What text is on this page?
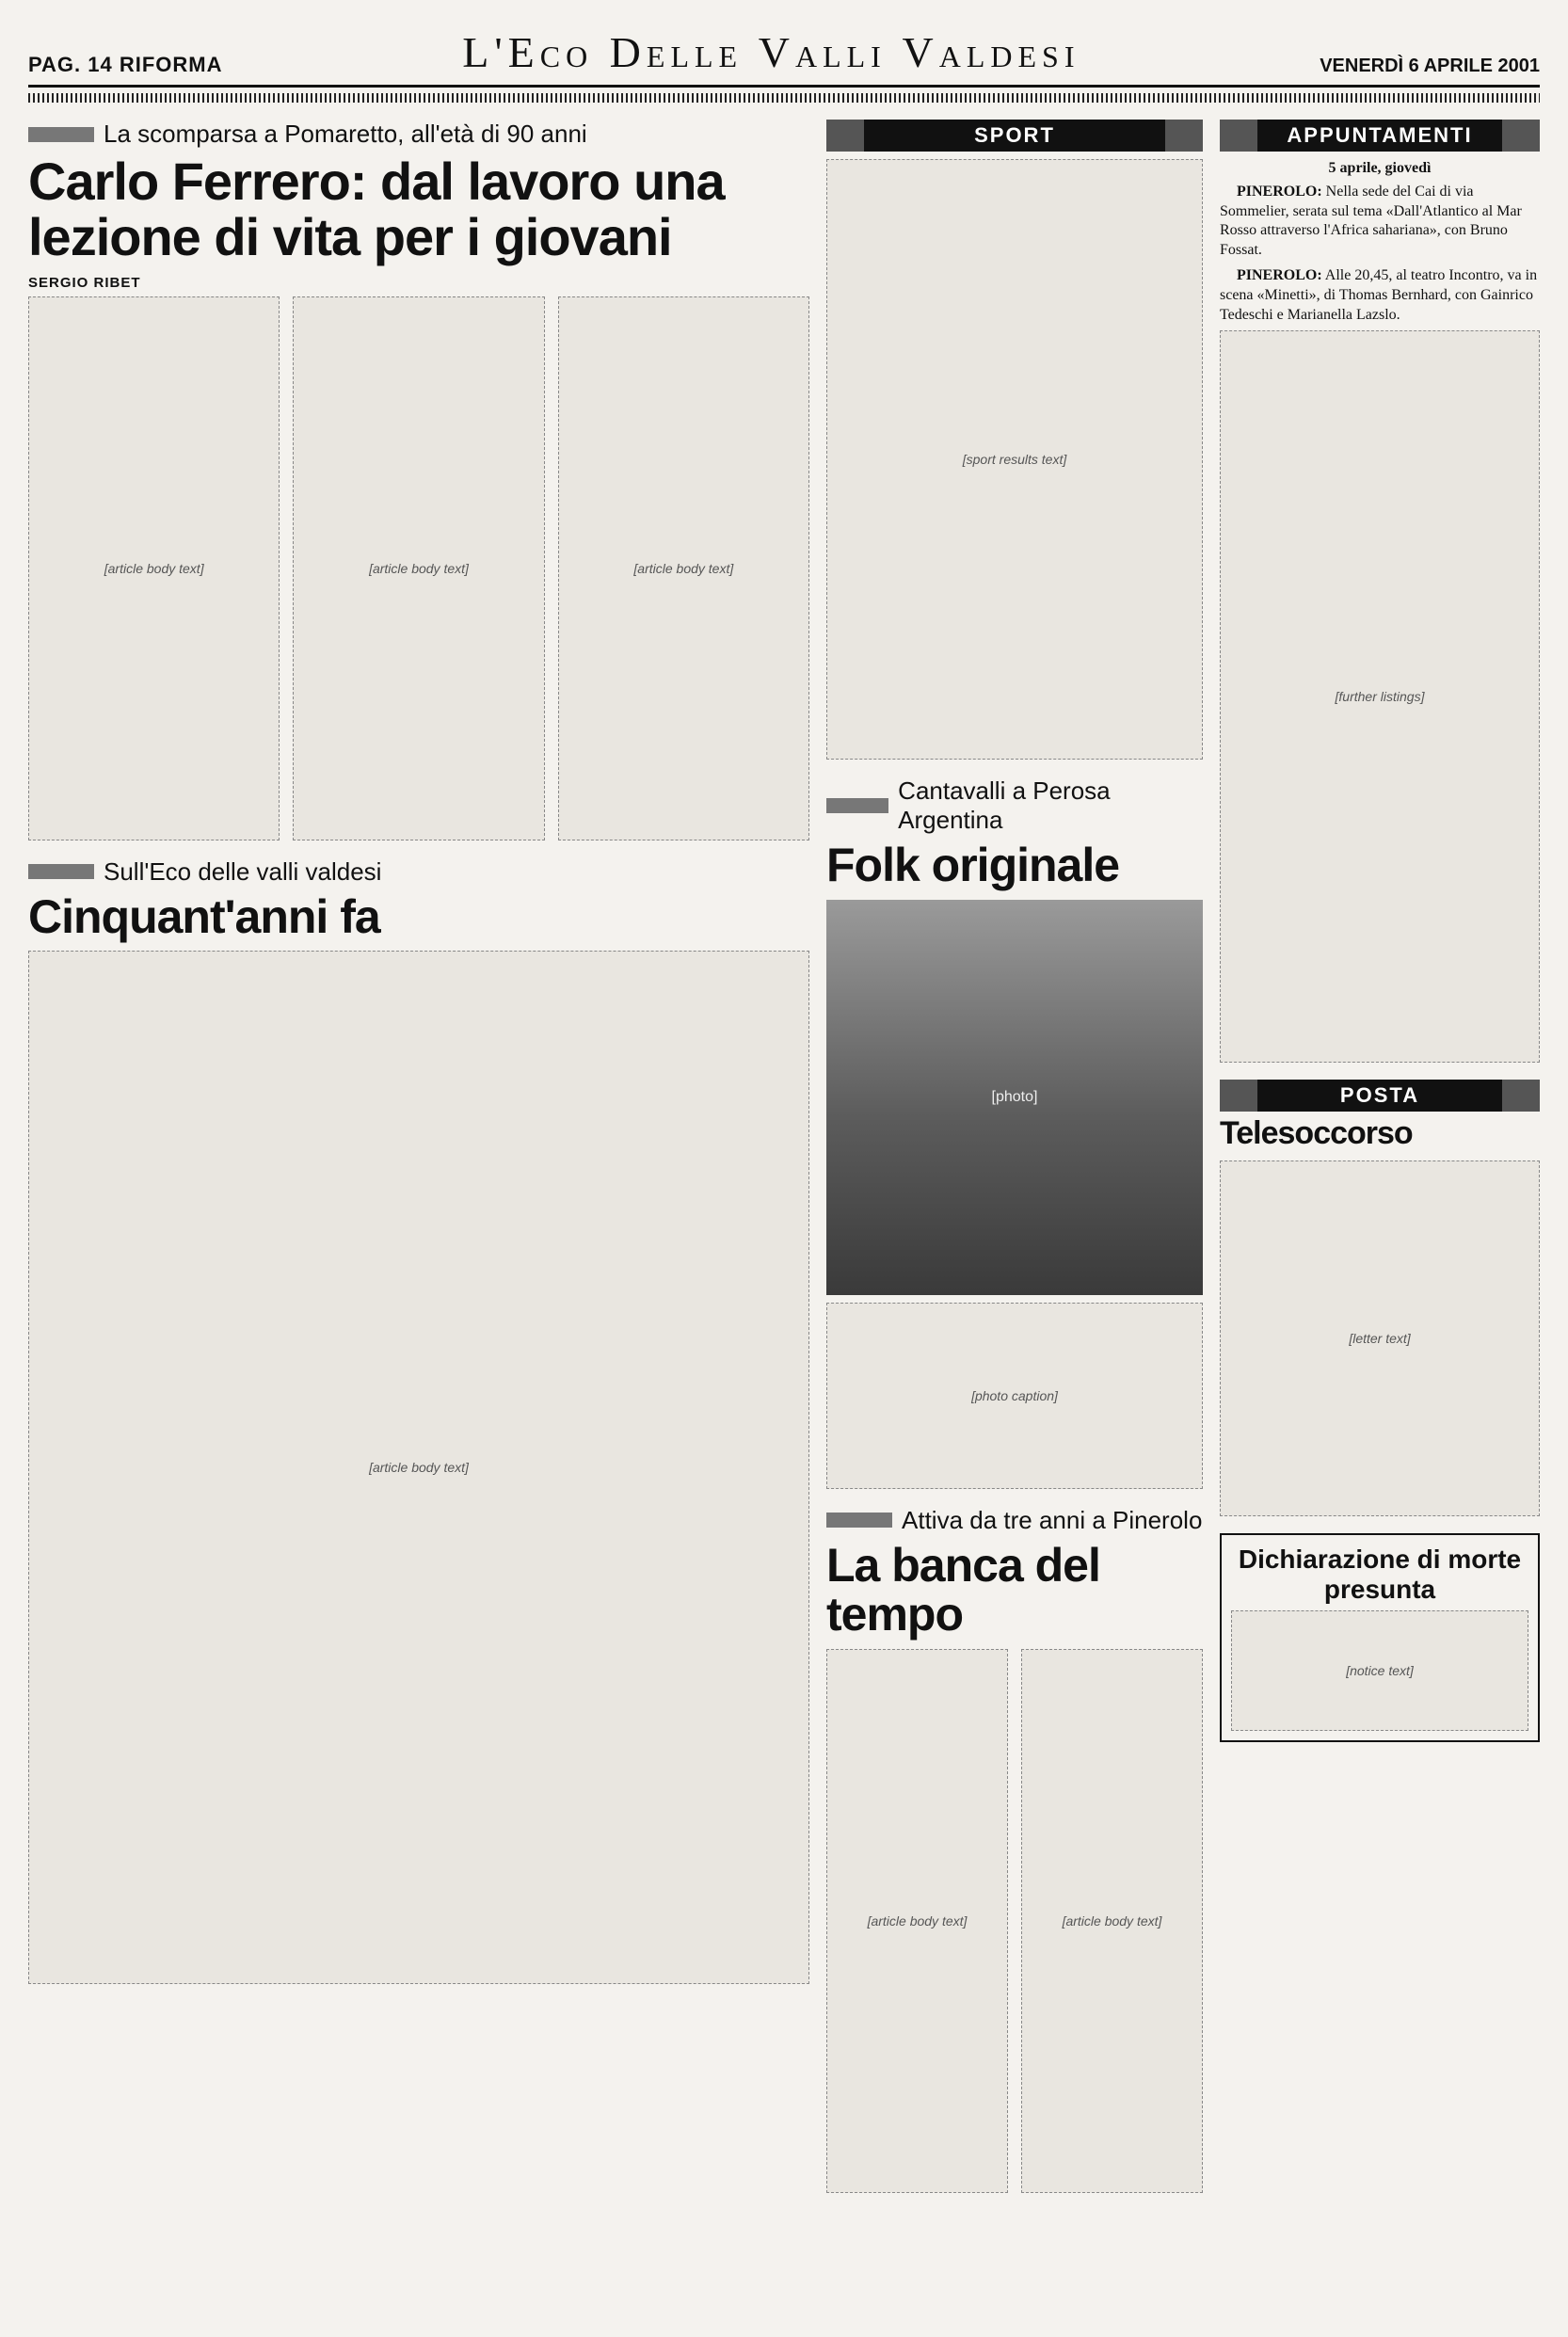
PAG. 14 RIFORMA	L'Eco Delle Valli Valdesi	VENERDÌ 6 APRILE 2001
La scomparsa a Pomaretto, all'età di 90 anni
Carlo Ferrero: dal lavoro una lezione di vita per i giovani
SERGIO RIBET
[article body text]	[article body text]	[article body text]
Sull'Eco delle valli valdesi
Cinquant'anni fa
[article body text]
SPORT
[sport results text]
Cantavalli a Perosa Argentina
Folk originale
[photo]
[photo caption]
Attiva da tre anni a Pinerolo
La banca del tempo
[article body text]	[article body text]
APPUNTAMENTI
5 aprile, giovedì

PINEROLO: Nella sede del Cai di via Sommelier, serata sul tema «Dall'Atlantico al Mar Rosso attraverso l'Africa sahariana», con Bruno Fossat.

PINEROLO: Alle 20,45, al teatro Incontro, va in scena «Minetti», di Thomas Bernhard, con Gainrico Tedeschi e Marianella Lazslo.

[further listings]
POSTA
Telesoccorso
[letter text]
Dichiarazione di morte presunta
[notice text]
